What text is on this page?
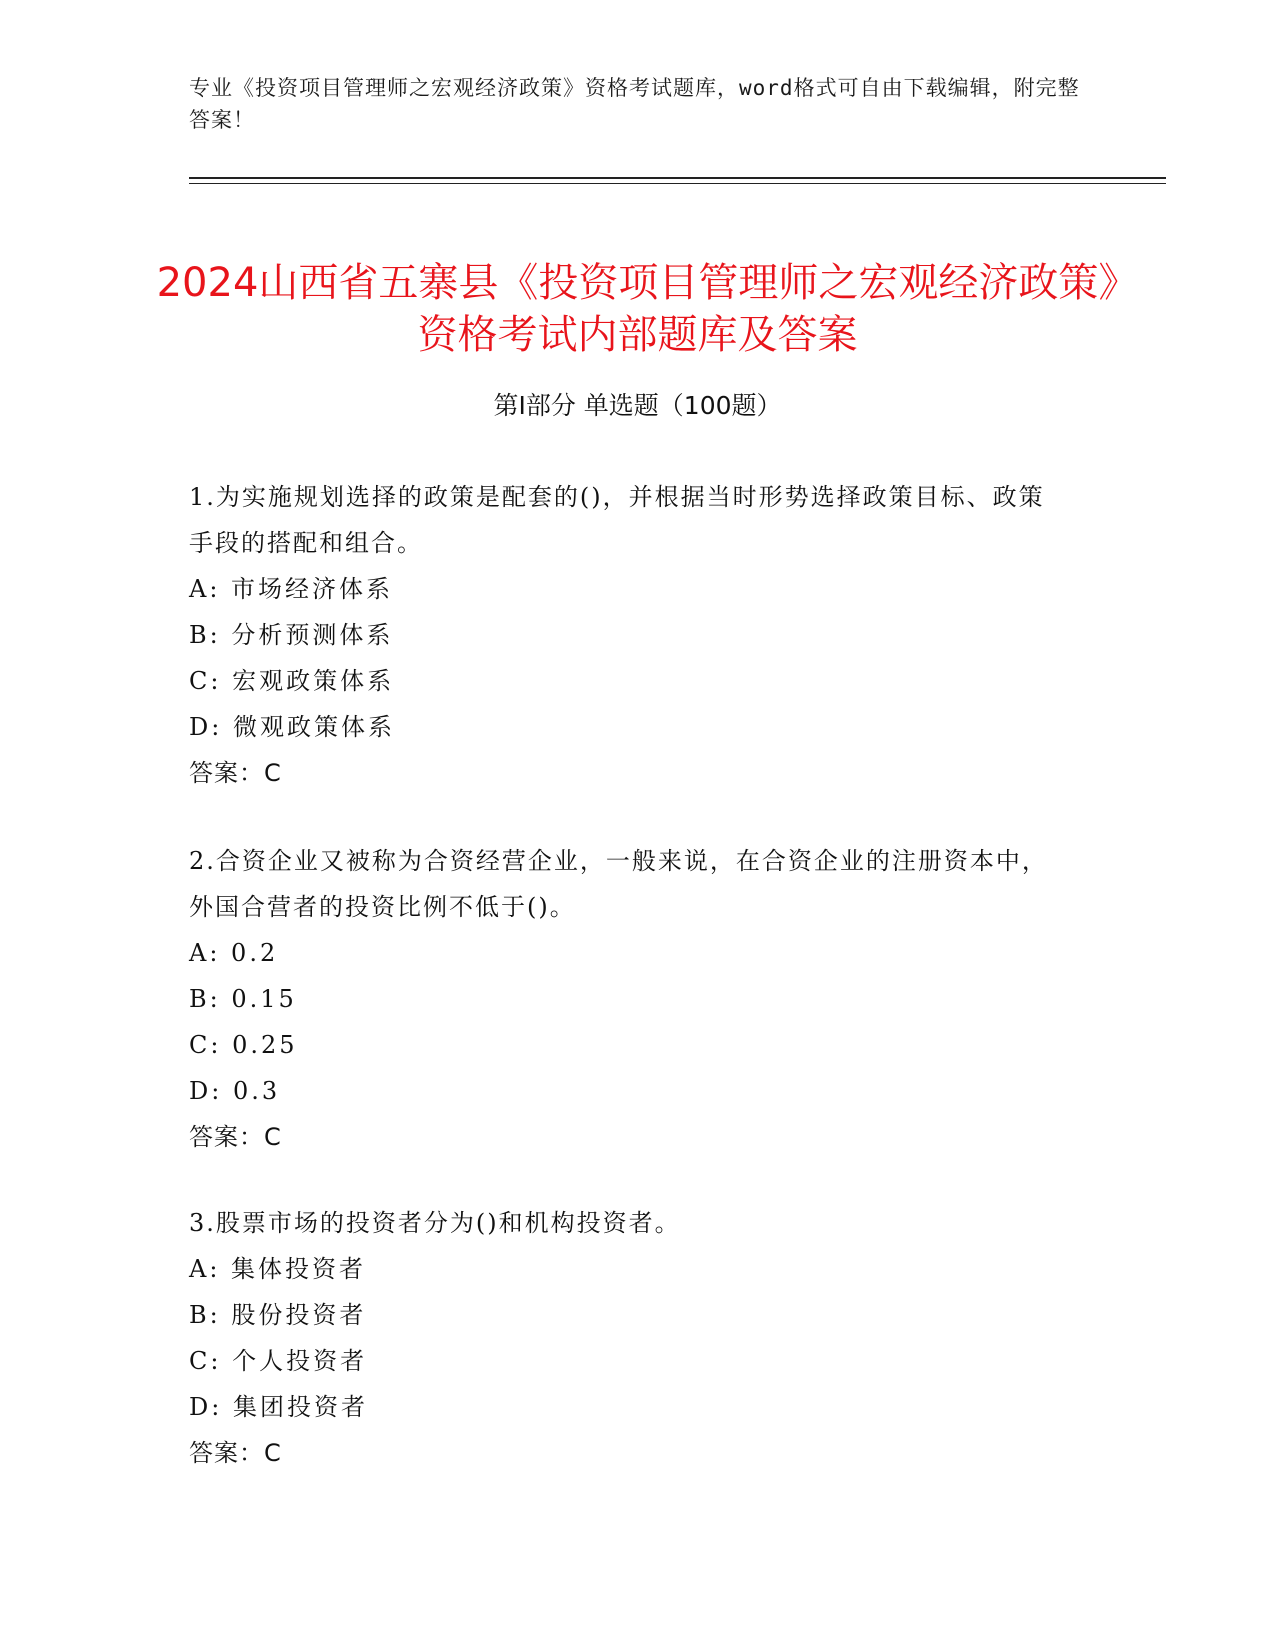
专业《投资项目管理师之宏观经济政策》资格考试题库，word格式可自由下载编辑，附完整答案！
2024山西省五寨县《投资项目管理师之宏观经济政策》资格考试内部题库及答案
第Ⅰ部分 单选题（100题）

1.为实施规划选择的政策是配套的()，并根据当时形势选择政策目标、政策手段的搭配和组合。

A: 市场经济体系

B: 分析预测体系

C: 宏观政策体系

D: 微观政策体系

答案：C

2.合资企业又被称为合资经营企业，一般来说，在合资企业的注册资本中，外国合营者的投资比例不低于()。

A: 0.2

B: 0.15

C: 0.25

D: 0.3

答案：C

3.股票市场的投资者分为()和机构投资者。

A: 集体投资者

B: 股份投资者

C: 个人投资者

D: 集团投资者

答案：C
